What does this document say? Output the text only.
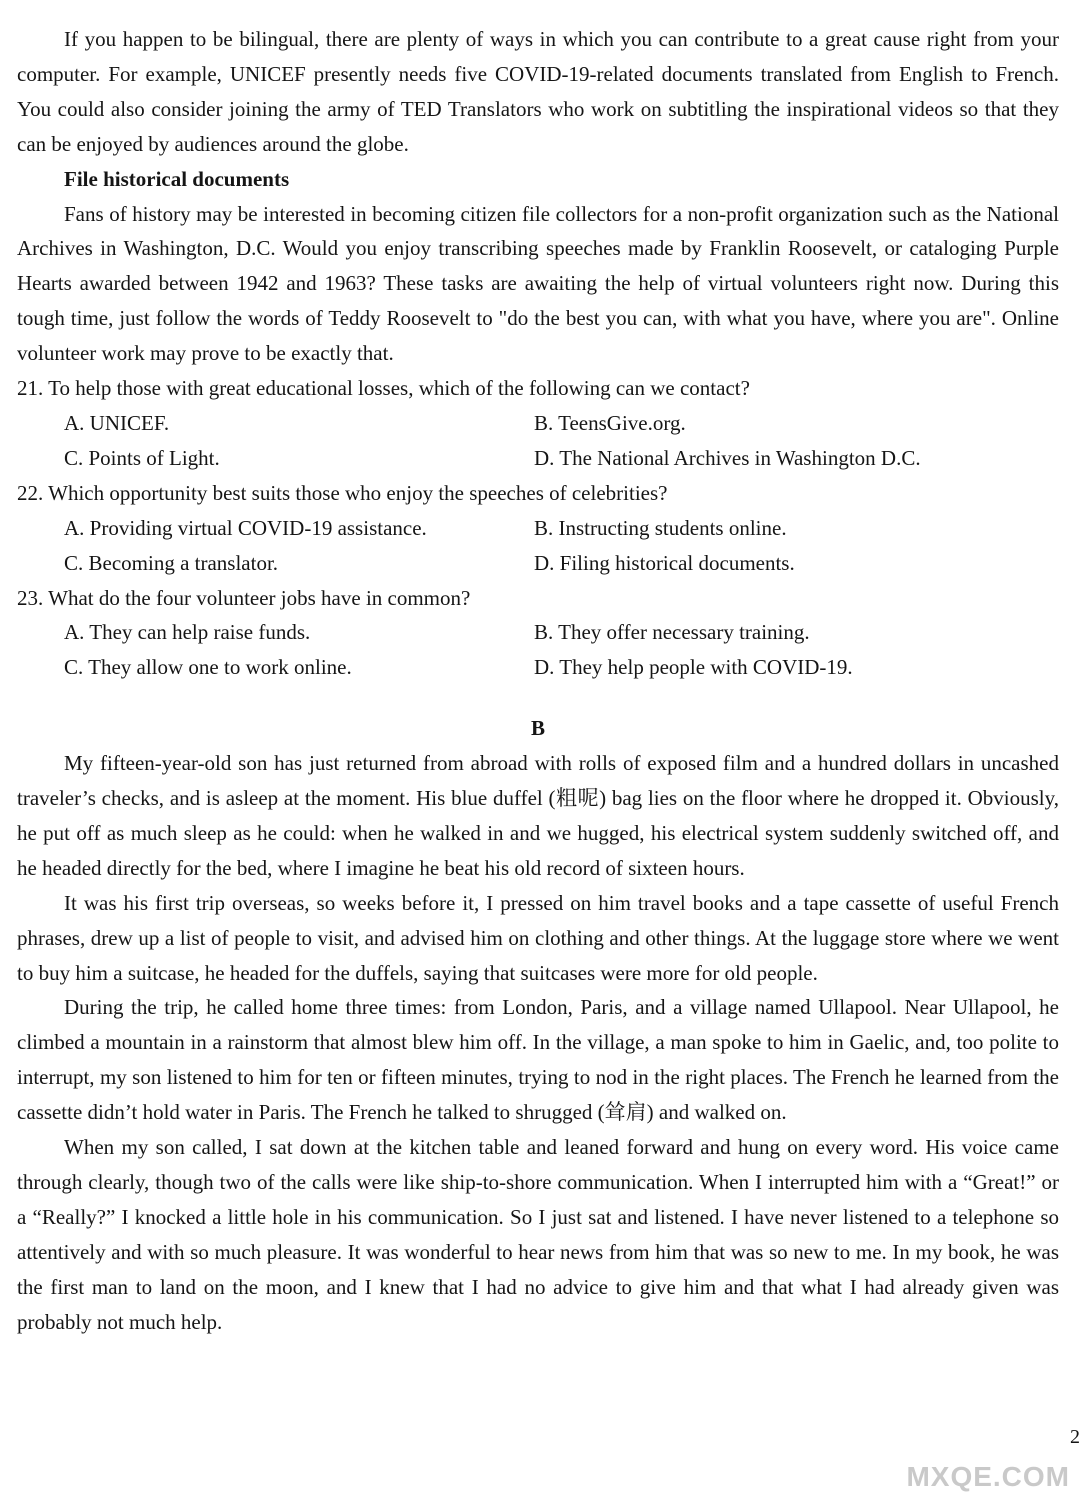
If you happen to be bilingual, there are plenty of ways in which you can contribute to a great cause right from your computer. For example, UNICEF presently needs five COVID-19-related documents translated from English to French. You could also consider joining the army of TED Translators who work on subtitling the inspirational videos so that they can be enjoyed by audiences around the globe.

File historical documents

Fans of history may be interested in becoming citizen file collectors for a non-profit organization such as the National Archives in Washington, D.C. Would you enjoy transcribing speeches made by Franklin Roosevelt, or cataloging Purple Hearts awarded between 1942 and 1963? These tasks are awaiting the help of virtual volunteers right now. During this tough time, just follow the words of Teddy Roosevelt to "do the best you can, with what you have, where you are". Online volunteer work may prove to be exactly that.

21. To help those with great educational losses, which of the following can we contact?

A. UNICEF.	B. TeensGive.org.
C. Points of Light.	D. The National Archives in Washington D.C.

22. Which opportunity best suits those who enjoy the speeches of celebrities?

A. Providing virtual COVID-19 assistance.	B. Instructing students online.
C. Becoming a translator.	D. Filing historical documents.

23. What do the four volunteer jobs have in common?

A. They can help raise funds.	B. They offer necessary training.
C. They allow one to work online.	D. They help people with COVID-19.

B

My fifteen-year-old son has just returned from abroad with rolls of exposed film and a hundred dollars in uncashed traveler’s checks, and is asleep at the moment. His blue duffel (粗呢) bag lies on the floor where he dropped it. Obviously, he put off as much sleep as he could: when he walked in and we hugged, his electrical system suddenly switched off, and he headed directly for the bed, where I imagine he beat his old record of sixteen hours.

It was his first trip overseas, so weeks before it, I pressed on him travel books and a tape cassette of useful French phrases, drew up a list of people to visit, and advised him on clothing and other things. At the luggage store where we went to buy him a suitcase, he headed for the duffels, saying that suitcases were more for old people.

During the trip, he called home three times: from London, Paris, and a village named Ullapool. Near Ullapool, he climbed a mountain in a rainstorm that almost blew him off. In the village, a man spoke to him in Gaelic, and, too polite to interrupt, my son listened to him for ten or fifteen minutes, trying to nod in the right places. The French he learned from the cassette didn’t hold water in Paris. The French he talked to shrugged (耸肩) and walked on.

When my son called, I sat down at the kitchen table and leaned forward and hung on every word. His voice came through clearly, though two of the calls were like ship-to-shore communication. When I interrupted him with a “Great!” or a “Really?” I knocked a little hole in his communication. So I just sat and listened. I have never listened to a telephone so attentively and with so much pleasure. It was wonderful to hear news from him that was so new to me. In my book, he was the first man to land on the moon, and I knew that I had no advice to give him and that what I had already given was probably not much help.

MXQE.COM
2
